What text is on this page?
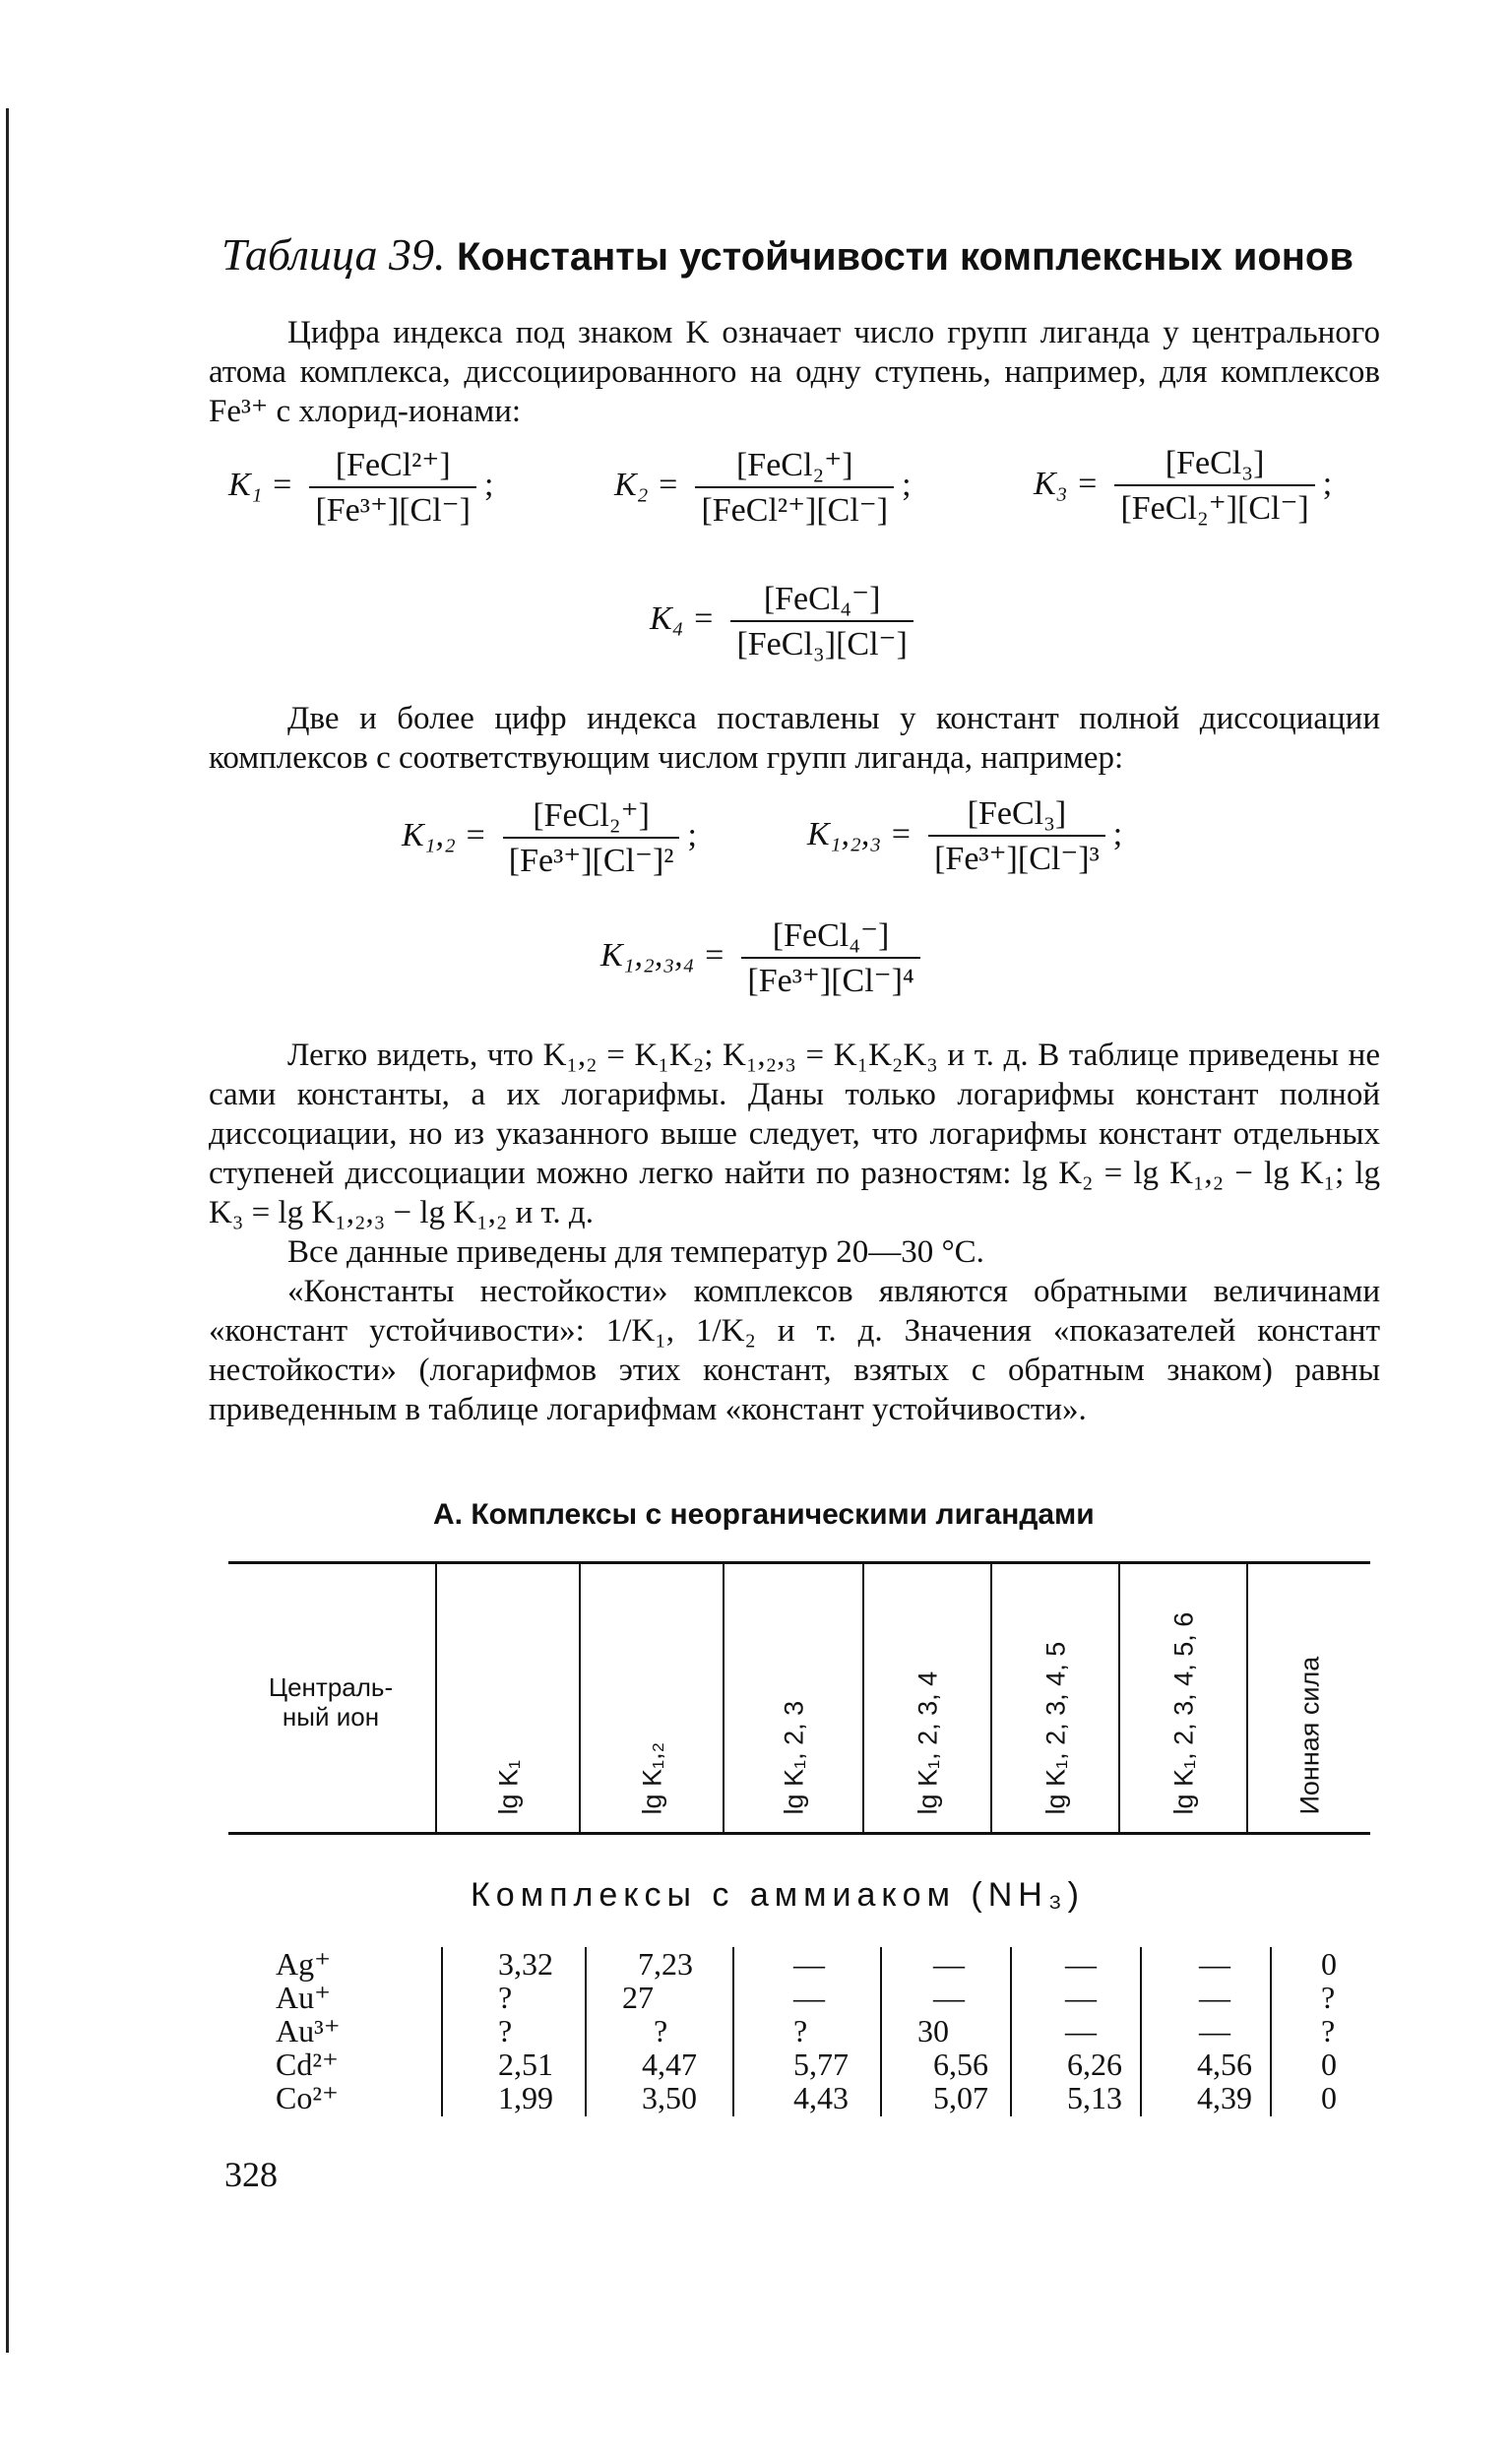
Таблица 39. Константы устойчивости комплексных ионов

Цифра индекса под знаком K означает число групп лиганда у центрального атома комплекса, диссоциированного на одну ступень, например, для комплексов Fe³⁺ с хлорид-ионами:

$K_1 = \frac{\text{[FeCl²⁺]}}{\text{[Fe³⁺][Cl⁻]}}$ ;	$K_2 = \frac{\text{[FeCl₂⁺]}}{\text{[FeCl²⁺][Cl⁻]}}$ ;	$K_3 = \frac{\text{[FeCl₃]}}{\text{[FeCl₂⁺][Cl⁻]}}$ ;
$K_4 = \frac{\text{[FeCl₄⁻]}}{\text{[FeCl₃][Cl⁻]}}$

Две и более цифр индекса поставлены у констант полной диссоциации комплексов с соответствующим числом групп лиганда, например:

$K_1,_2 = \frac{\text{[FeCl₂⁺]}}{\text{[Fe³⁺][Cl⁻]²}}$ ;	$K_1,_2,_3 = \frac{\text{[FeCl₃]}}{\text{[Fe³⁺][Cl⁻]³}}$ ;
$K_1,_2,_3,_4 = \frac{\text{[FeCl₄⁻]}}{\text{[Fe³⁺][Cl⁻]⁴}}$

Легко видеть, что K₁,₂ = K₁K₂; K₁,₂,₃ = K₁K₂K₃ и т. д. В таблице приведены не сами константы, а их логарифмы. Даны только логарифмы констант полной диссоциации, но из указанного выше следует, что логарифмы констант отдельных ступеней диссоциации можно легко найти по разностям: lg K₂ = lg K₁,₂ − lg K₁; lg K₃ = lg K₁,₂,₃ − lg K₁,₂ и т. д.

Все данные приведены для температур 20—30 °С.

«Константы нестойкости» комплексов являются обратными величинами «констант устойчивости»: 1/K₁, 1/K₂ и т. д. Значения «показателей констант нестойкости» (логарифмов этих констант, взятых с обратным знаком) равны приведенным в таблице логарифмам «констант устойчивости».

А. Комплексы с неорганическими лигандами
Централь-
ный ион
lg K₁	lg K₁,₂	lg K₁, 2, 3	lg K₁, 2, 3, 4	lg K₁, 2, 3, 4, 5	lg K₁, 2, 3, 4, 5, 6	Ионная сила
Комплексы с аммиаком (NH₃)
Ag⁺	3,32	7,23	—	—	—	—	0
Au⁺	?	27	—	—	—	—	?
Au³⁺	?	?	?	30	—	—	?
Cd²⁺	2,51	4,47	5,77	6,56	6,26 4,56 0
Co²⁺	1,99	3,50	4,43	5,07	5,13 4,39 0
328
